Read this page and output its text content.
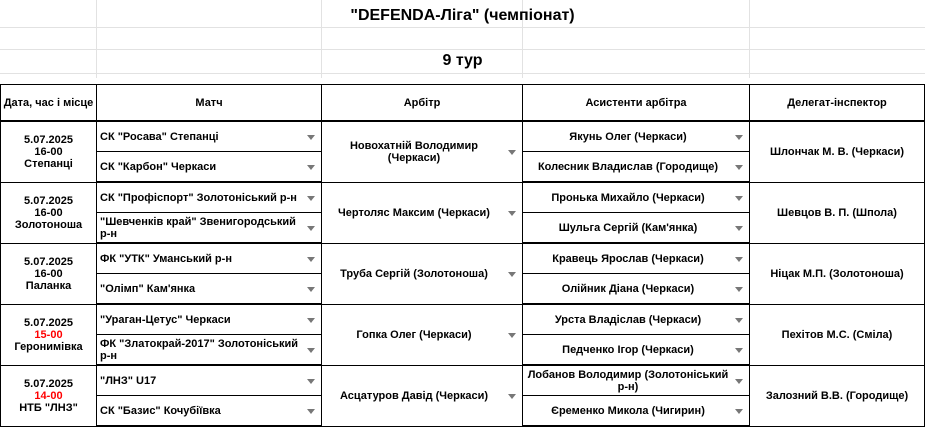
"DEFENDA-Ліга" (чемпіонат)
9 тур
Дата, час і місце	Матч	Арбітр	Асистенти арбітра	Делегат-інспектор

5.07.2025
16-00
Степанці	СК "Росава" Степанці	Новохатній Володимир (Черкаси)	Якунь Олег (Черкаси)	Шлончак М. В. (Черкаси)

	СК "Карбон" Черкаси		Колесник Владислав (Городище)	

5.07.2025
16-00
Золотоноша	СК "Профіспорт" Золотоніський р-н	Чертоляс Максим (Черкаси)	Пронька Михайло (Черкаси)	Шевцов В. П. (Шпола)

	"Шевченків край" Звенигородський р-н		Шульга Сергій (Кам'янка)	

5.07.2025
16-00
Паланка	ФК "УТК" Уманський р-н	Труба Сергій (Золотоноша)	Кравець Ярослав (Черкаси)	Ніцак М.П. (Золотоноша)

	"Олімп" Кам'янка		Олійник Діана (Черкаси)	

5.07.2025
15-00
Геронимівка	"Ураган-Цетус" Черкаси	Гопка Олег (Черкаси)	Урста Владіслав (Черкаси)	Пехітов М.С. (Сміла)

	ФК "Златокрай-2017" Золотоніський р-н		Педченко Ігор (Черкаси)	

5.07.2025
14-00
НТБ "ЛНЗ"	"ЛНЗ" U17	Асцатуров Давід (Черкаси)	Лобанов Володимир (Золотоніський р-н)	Залозний В.В. (Городище)

	СК "Базис" Кочубіївка		Єременко Микола (Чигирин)	
